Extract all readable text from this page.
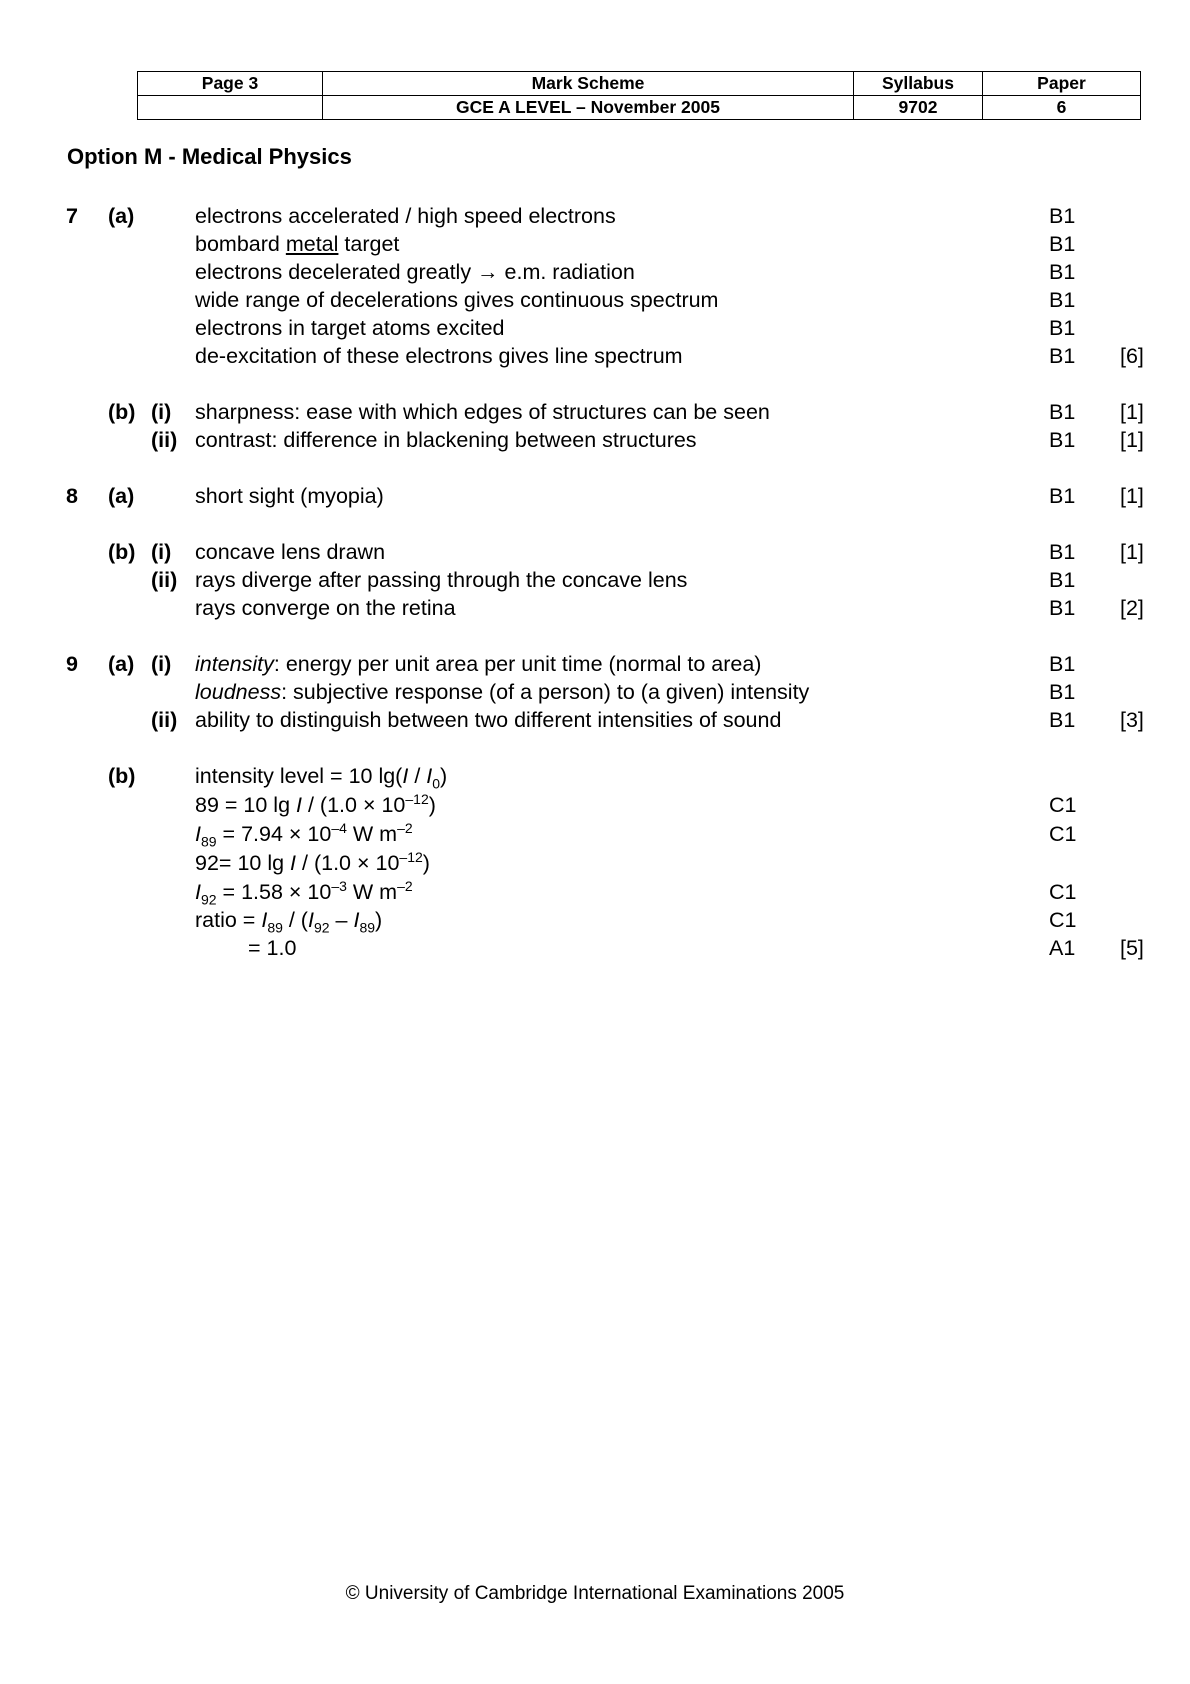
Page 3	Mark Scheme	Syllabus	Paper
	GCE A LEVEL – November 2005	9702	6
Option M - Medical Physics
7 (a)	electrons accelerated / high speed electrons	B1
bombard metal target	B1
electrons decelerated greatly → e.m. radiation	B1
wide range of decelerations gives continuous spectrum	B1
electrons in target atoms excited	B1
de-excitation of these electrons gives line spectrum	B1 [6]
(b) (i) sharpness: ease with which edges of structures can be seen	B1 [1]
(ii) contrast: difference in blackening between structures	B1 [1]
8 (a)	short sight (myopia)	B1 [1]
(b) (i) concave lens drawn	B1 [1]
(ii) rays diverge after passing through the concave lens	B1
rays converge on the retina	B1 [2]
9 (a) (i) intensity: energy per unit area per unit time (normal to area)	B1
loudness: subjective response (of a person) to (a given) intensity	B1
(ii) ability to distinguish between two different intensities of sound	B1 [3]
(b)	intensity level = 10 $\lg(I / I_0)$
89 = 10 $\lg I / (1.0 \times 10^{-12})$	C1
$I_{89} = 7.94 \times 10^{-4}$ W $m^{-2}$	C1
92= 10 $\lg I / (1.0 \times 10^{-12})$
$I_{92} = 1.58 \times 10^{-3}$ W $m^{-2}$	C1
ratio = $I_{89} / (I_{92} - I_{89})$	C1
= 1.0	A1 [5]
© University of Cambridge International Examinations 2005
